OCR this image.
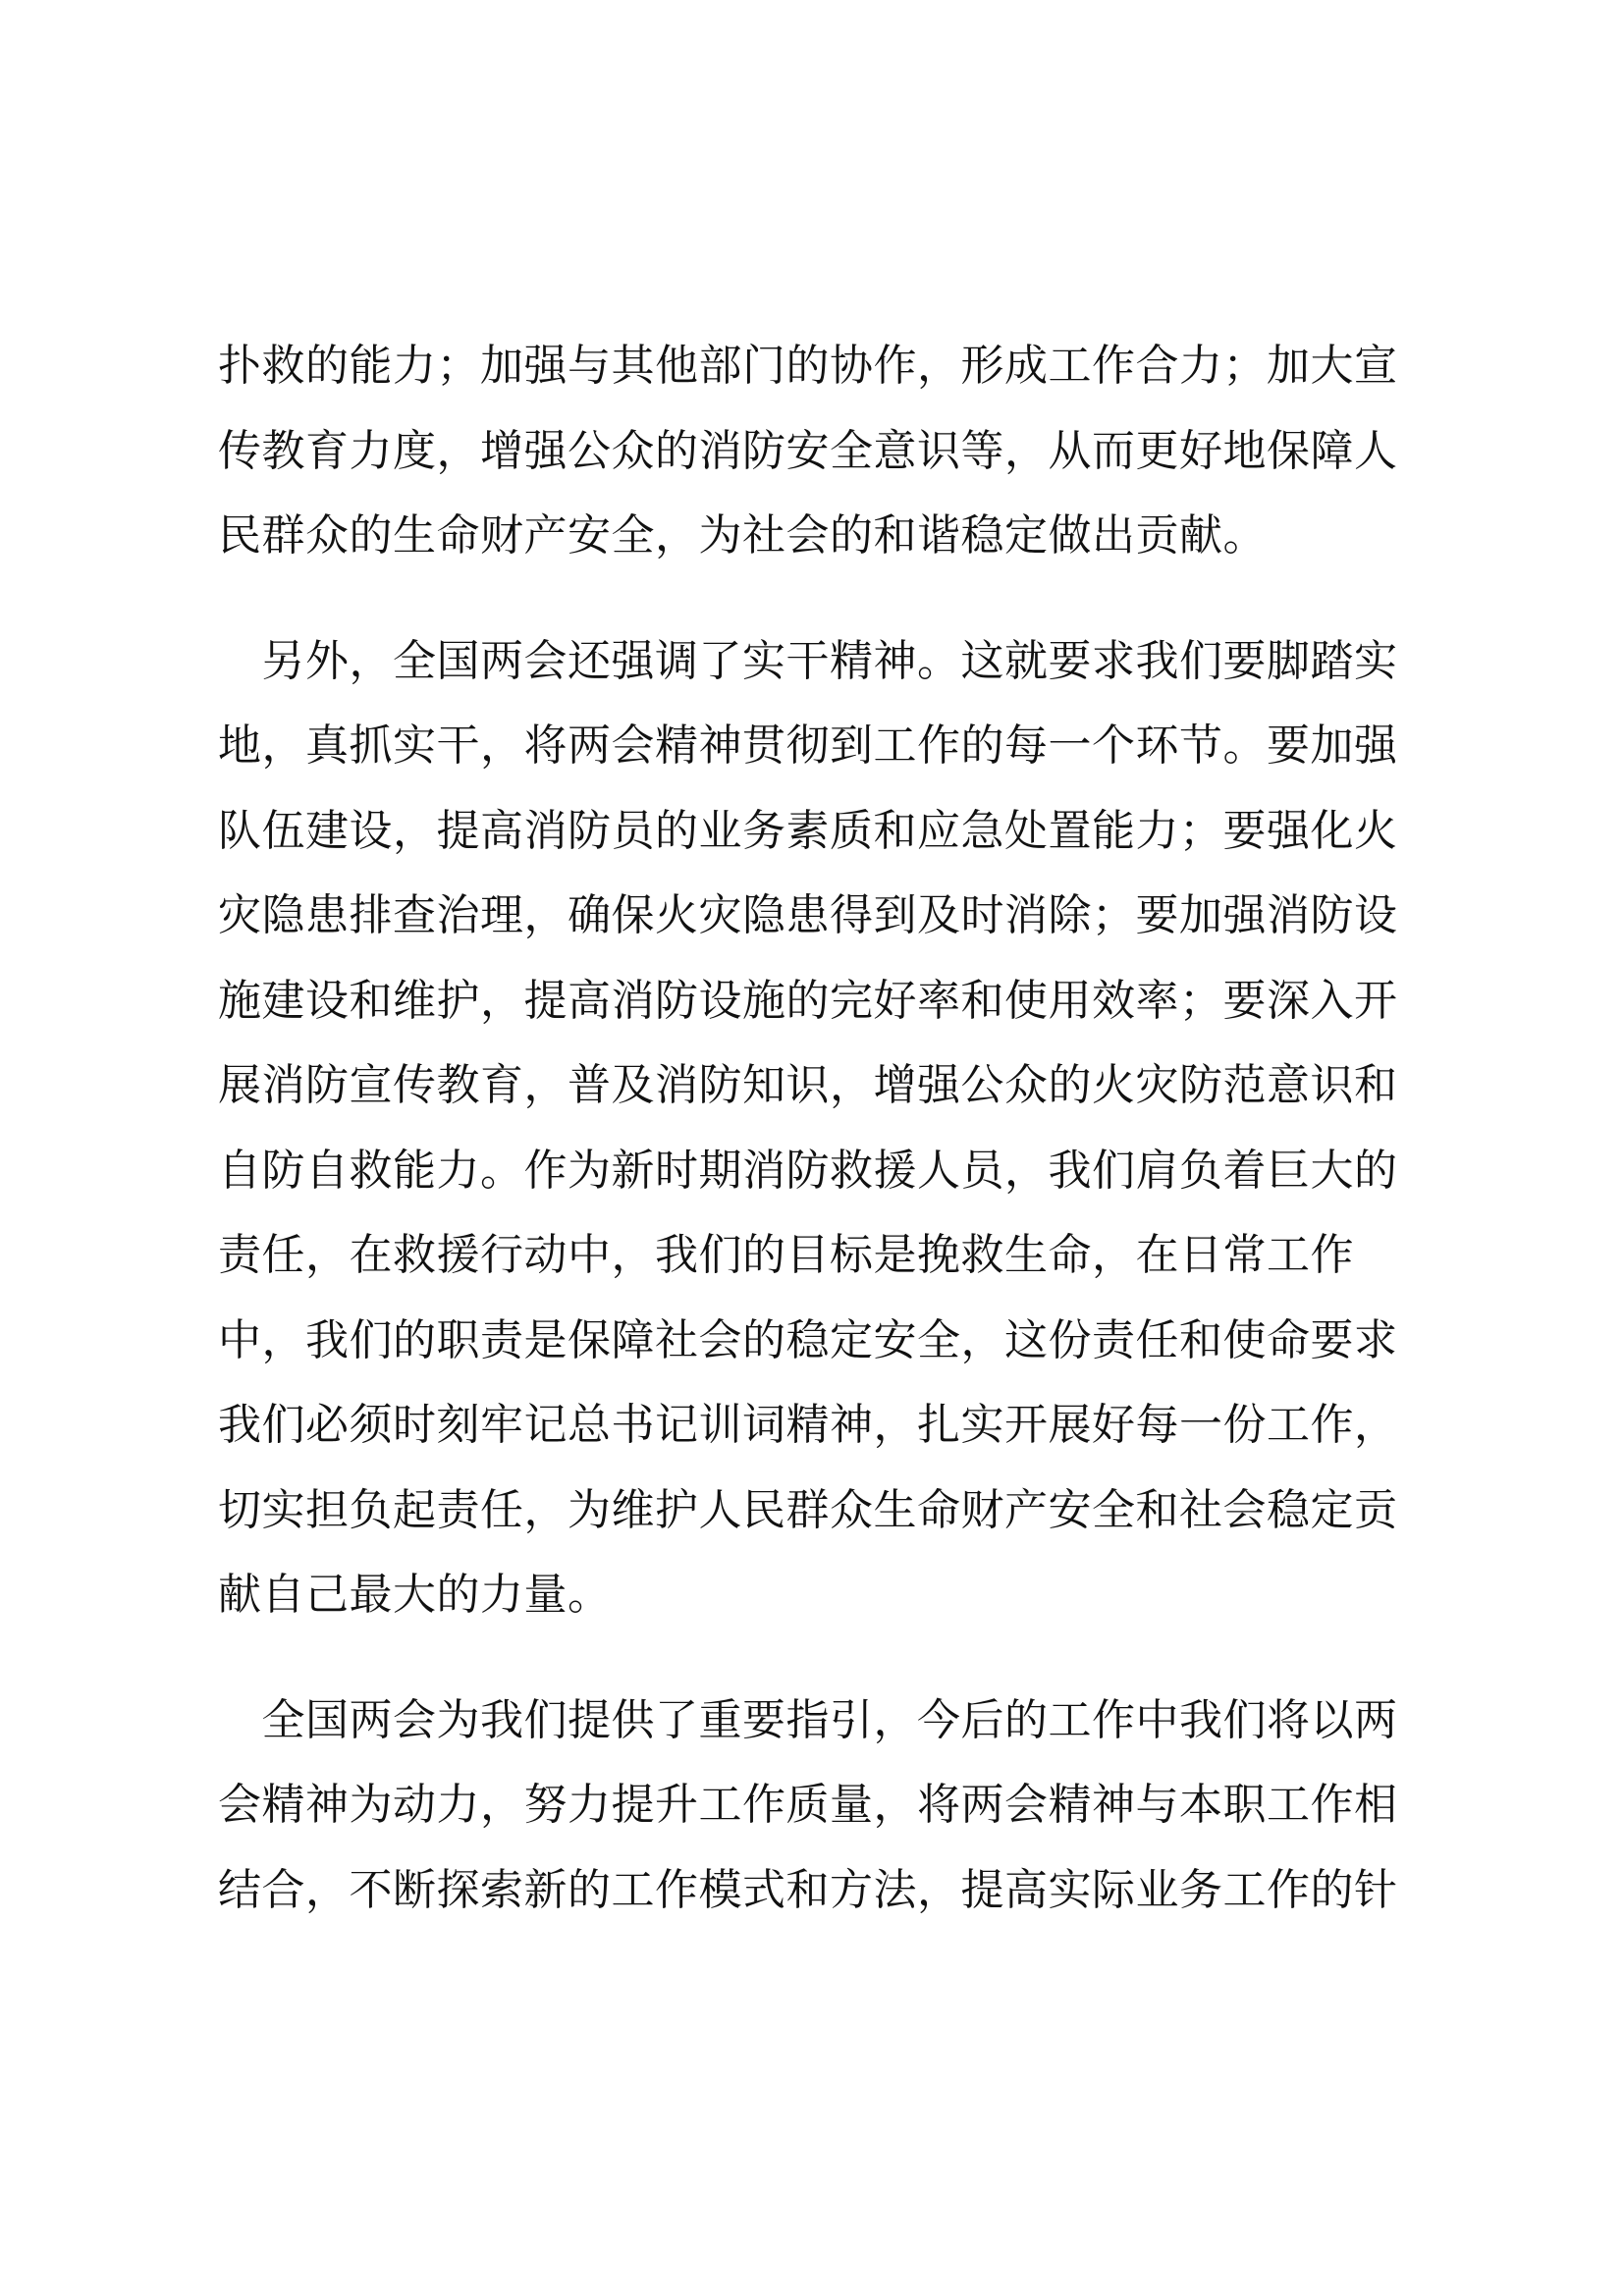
扑救的能力；加强与其他部门的协作，形成工作合力；加大宣
传教育力度，增强公众的消防安全意识等，从而更好地保障人
民群众的生命财产安全，为社会的和谐稳定做出贡献。
　另外，全国两会还强调了实干精神。这就要求我们要脚踏实
地，真抓实干，将两会精神贯彻到工作的每一个环节。要加强
队伍建设，提高消防员的业务素质和应急处置能力；要强化火
灾隐患排查治理，确保火灾隐患得到及时消除；要加强消防设
施建设和维护，提高消防设施的完好率和使用效率；要深入开
展消防宣传教育，普及消防知识，增强公众的火灾防范意识和
自防自救能力。作为新时期消防救援人员，我们肩负着巨大的
责任，在救援行动中，我们的目标是挽救生命，在日常工作
中，我们的职责是保障社会的稳定安全，这份责任和使命要求
我们必须时刻牢记总书记训词精神，扎实开展好每一份工作，
切实担负起责任，为维护人民群众生命财产安全和社会稳定贡
献自己最大的力量。
　全国两会为我们提供了重要指引，今后的工作中我们将以两
会精神为动力，努力提升工作质量，将两会精神与本职工作相
结合，不断探索新的工作模式和方法，提高实际业务工作的针
